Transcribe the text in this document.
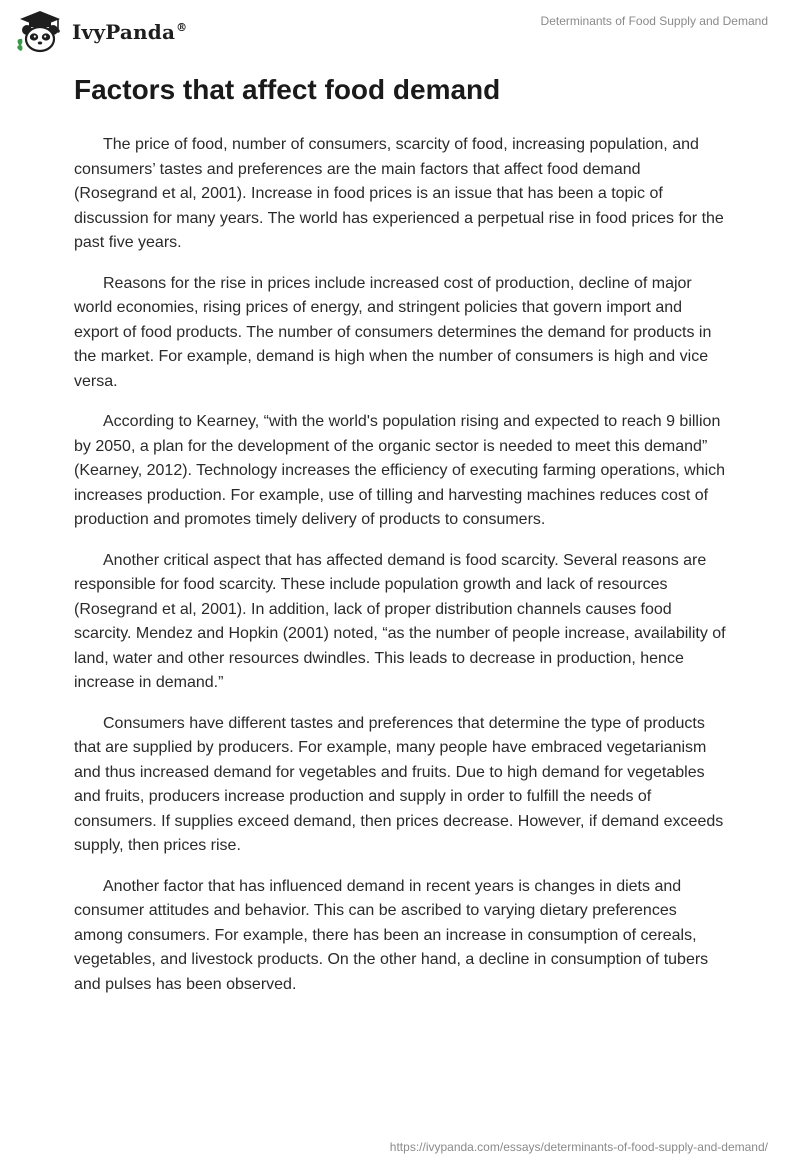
IvyPanda®	Determinants of Food Supply and Demand
Factors that affect food demand

The price of food, number of consumers, scarcity of food, increasing population, and consumers’ tastes and preferences are the main factors that affect food demand (Rosegrand et al, 2001). Increase in food prices is an issue that has been a topic of discussion for many years. The world has experienced a perpetual rise in food prices for the past five years.

Reasons for the rise in prices include increased cost of production, decline of major world economies, rising prices of energy, and stringent policies that govern import and export of food products. The number of consumers determines the demand for products in the market. For example, demand is high when the number of consumers is high and vice versa.

According to Kearney, “with the world's population rising and expected to reach 9 billion by 2050, a plan for the development of the organic sector is needed to meet this demand” (Kearney, 2012). Technology increases the efficiency of executing farming operations, which increases production. For example, use of tilling and harvesting machines reduces cost of production and promotes timely delivery of products to consumers.

Another critical aspect that has affected demand is food scarcity. Several reasons are responsible for food scarcity. These include population growth and lack of resources (Rosegrand et al, 2001). In addition, lack of proper distribution channels causes food scarcity. Mendez and Hopkin (2001) noted, “as the number of people increase, availability of land, water and other resources dwindles. This leads to decrease in production, hence increase in demand.”

Consumers have different tastes and preferences that determine the type of products that are supplied by producers. For example, many people have embraced vegetarianism and thus increased demand for vegetables and fruits. Due to high demand for vegetables and fruits, producers increase production and supply in order to fulfill the needs of consumers. If supplies exceed demand, then prices decrease. However, if demand exceeds supply, then prices rise.

Another factor that has influenced demand in recent years is changes in diets and consumer attitudes and behavior. This can be ascribed to varying dietary preferences among consumers. For example, there has been an increase in consumption of cereals, vegetables, and livestock products. On the other hand, a decline in consumption of tubers and pulses has been observed.

https://ivypanda.com/essays/determinants-of-food-supply-and-demand/
